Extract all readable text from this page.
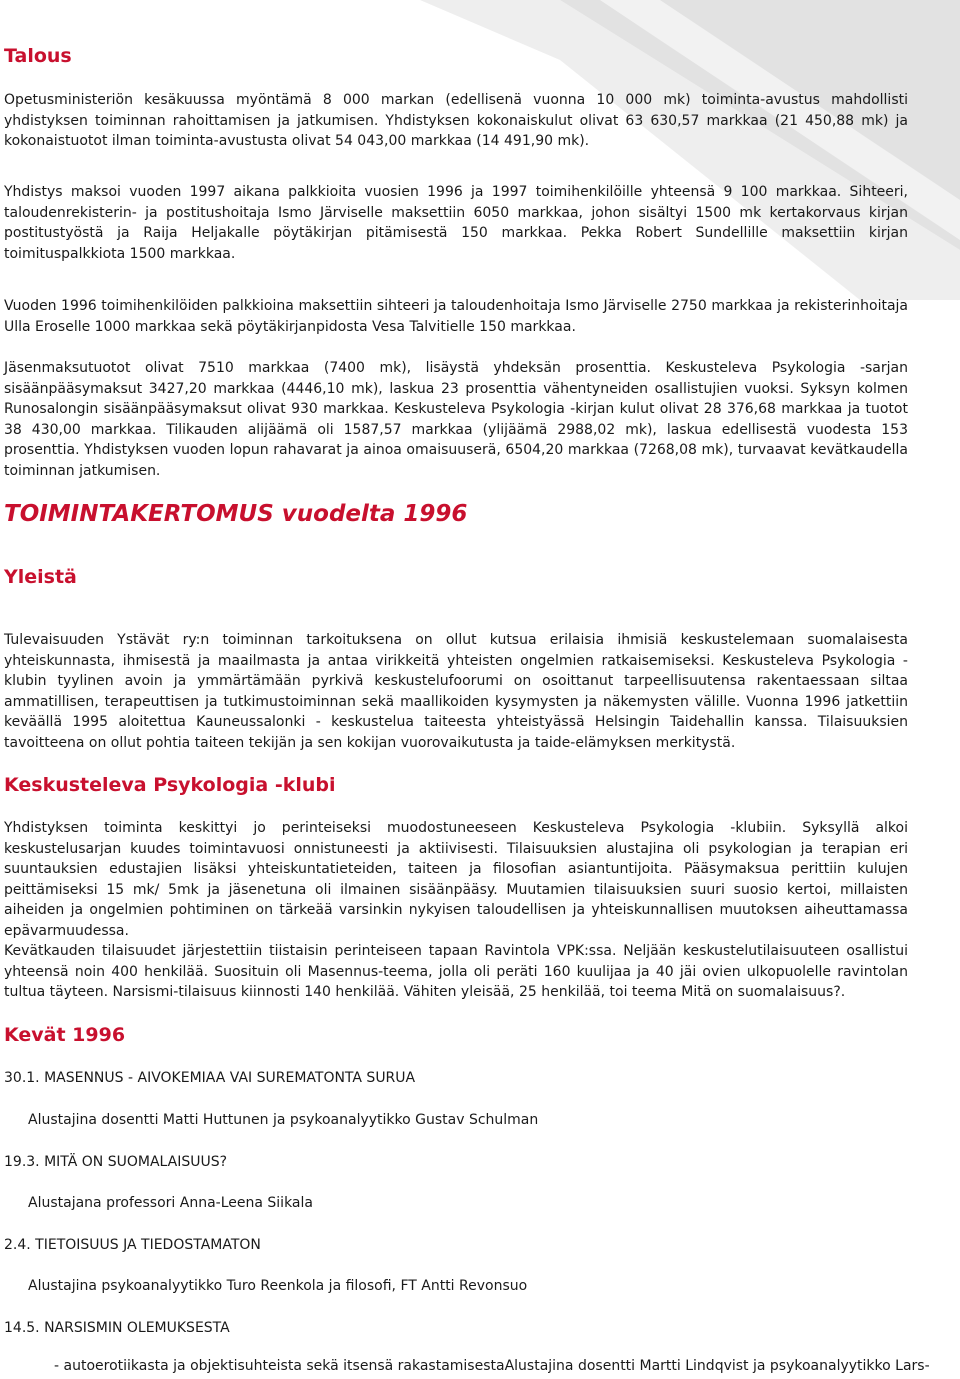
Talous

Opetusministeriön kesäkuussa myöntämä 8 000 markan (edellisenä vuonna 10 000 mk) toiminta-avustus mahdollisti yhdistyksen toiminnan rahoittamisen ja jatkumisen. Yhdistyksen kokonaiskulut olivat 63 630,57 markkaa (21 450,88 mk) ja kokonaistuotot ilman toiminta-avustusta olivat 54 043,00 markkaa (14 491,90 mk).

Yhdistys maksoi vuoden 1997 aikana palkkioita vuosien 1996 ja 1997 toimihenkilöille yhteensä 9 100 markkaa. Sihteeri, taloudenrekisterin- ja postitushoitaja Ismo Järviselle maksettiin 6050 markkaa, johon sisältyi 1500 mk kertakorvaus kirjan postitustyöstä ja Raija Heljakalle pöytäkirjan pitämisestä 150 markkaa. Pekka Robert Sundellille maksettiin kirjan toimituspalkkiota 1500 markkaa.

Vuoden 1996 toimihenkilöiden palkkioina maksettiin sihteeri ja taloudenhoitaja Ismo Järviselle 2750 markkaa ja rekisterinhoitaja Ulla Eroselle 1000 markkaa sekä pöytäkirjanpidosta Vesa Talvitielle 150 markkaa.

Jäsenmaksutuotot olivat 7510 markkaa (7400 mk), lisäystä yhdeksän prosenttia. Keskusteleva Psykologia -sarjan sisäänpääsymaksut 3427,20 markkaa (4446,10 mk), laskua 23 prosenttia vähentyneiden osallistujien vuoksi. Syksyn kolmen Runosalongin sisäänpääsymaksut olivat 930 markkaa. Keskusteleva Psykologia -kirjan kulut olivat 28 376,68 markkaa ja tuotot 38 430,00 markkaa. Tilikauden alijäämä oli 1587,57 markkaa (ylijäämä 2988,02 mk), laskua edellisestä vuodesta 153 prosenttia. Yhdistyksen vuoden lopun rahavarat ja ainoa omaisuuserä, 6504,20 markkaa (7268,08 mk), turvaavat kevätkaudella toiminnan jatkumisen.

TOIMINTAKERTOMUS vuodelta 1996
Yleistä

Tulevaisuuden Ystävät ry:n toiminnan tarkoituksena on ollut kutsua erilaisia ihmisiä keskustelemaan suomalaisesta yhteiskunnasta, ihmisestä ja maailmasta ja antaa virikkeitä yhteisten ongelmien ratkaisemiseksi. Keskusteleva Psykologia -klubin tyylinen avoin ja ymmärtämään pyrkivä keskustelufoorumi on osoittanut tarpeellisuutensa rakentaessaan siltaa ammatillisen, terapeuttisen ja tutkimustoiminnan sekä maallikoiden kysymysten ja näkemysten välille. Vuonna 1996 jatkettiin keväällä 1995 aloitettua Kauneussalonki - keskustelua taiteesta yhteistyässä Helsingin Taidehallin kanssa. Tilaisuuksien tavoitteena on ollut pohtia taiteen tekijän ja sen kokijan vuorovaikutusta ja taide-elämyksen merkitystä.

Keskusteleva Psykologia -klubi

Yhdistyksen toiminta keskittyi jo perinteiseksi muodostuneeseen Keskusteleva Psykologia -klubiin. Syksyllä alkoi keskustelusarjan kuudes toimintavuosi onnistuneesti ja aktiivisesti. Tilaisuuksien alustajina oli psykologian ja terapian eri suuntauksien edustajien lisäksi yhteiskuntatieteiden, taiteen ja filosofian asiantuntijoita. Pääsymaksua perittiin kulujen peittämiseksi 15 mk/ 5mk ja jäsenetuna oli ilmainen sisäänpääsy. Muutamien tilaisuuksien suuri suosio kertoi, millaisten aiheiden ja ongelmien pohtiminen on tärkeää varsinkin nykyisen taloudellisen ja yhteiskunnallisen muutoksen aiheuttamassa epävarmuudessa.

Kevätkauden tilaisuudet järjestettiin tiistaisin perinteiseen tapaan Ravintola VPK:ssa. Neljään keskustelutilaisuuteen osallistui yhteensä noin 400 henkilää. Suosituin oli Masennus-teema, jolla oli peräti 160 kuulijaa ja 40 jäi ovien ulkopuolelle ravintolan tultua täyteen. Narsismi-tilaisuus kiinnosti 140 henkilää. Vähiten yleisää, 25 henkilää, toi teema Mitä on suomalaisuus?.

Kevät 1996

30.1. MASENNUS - AIVOKEMIAA VAI SUREMATONTA SURUA

Alustajina dosentti Matti Huttunen ja psykoanalyytikko Gustav Schulman

19.3. MITÄ ON SUOMALAISUUS?

Alustajana professori Anna-Leena Siikala

2.4. TIETOISUUS JA TIEDOSTAMATON

Alustajina psykoanalyytikko Turo Reenkola ja filosofi, FT Antti Revonsuo

14.5. NARSISMIN OLEMUKSESTA

- autoerotiikasta ja objektisuhteista sekä itsensä rakastamisestaAlustajina dosentti Martti Lindqvist ja psykoanalyytikko Lars-
